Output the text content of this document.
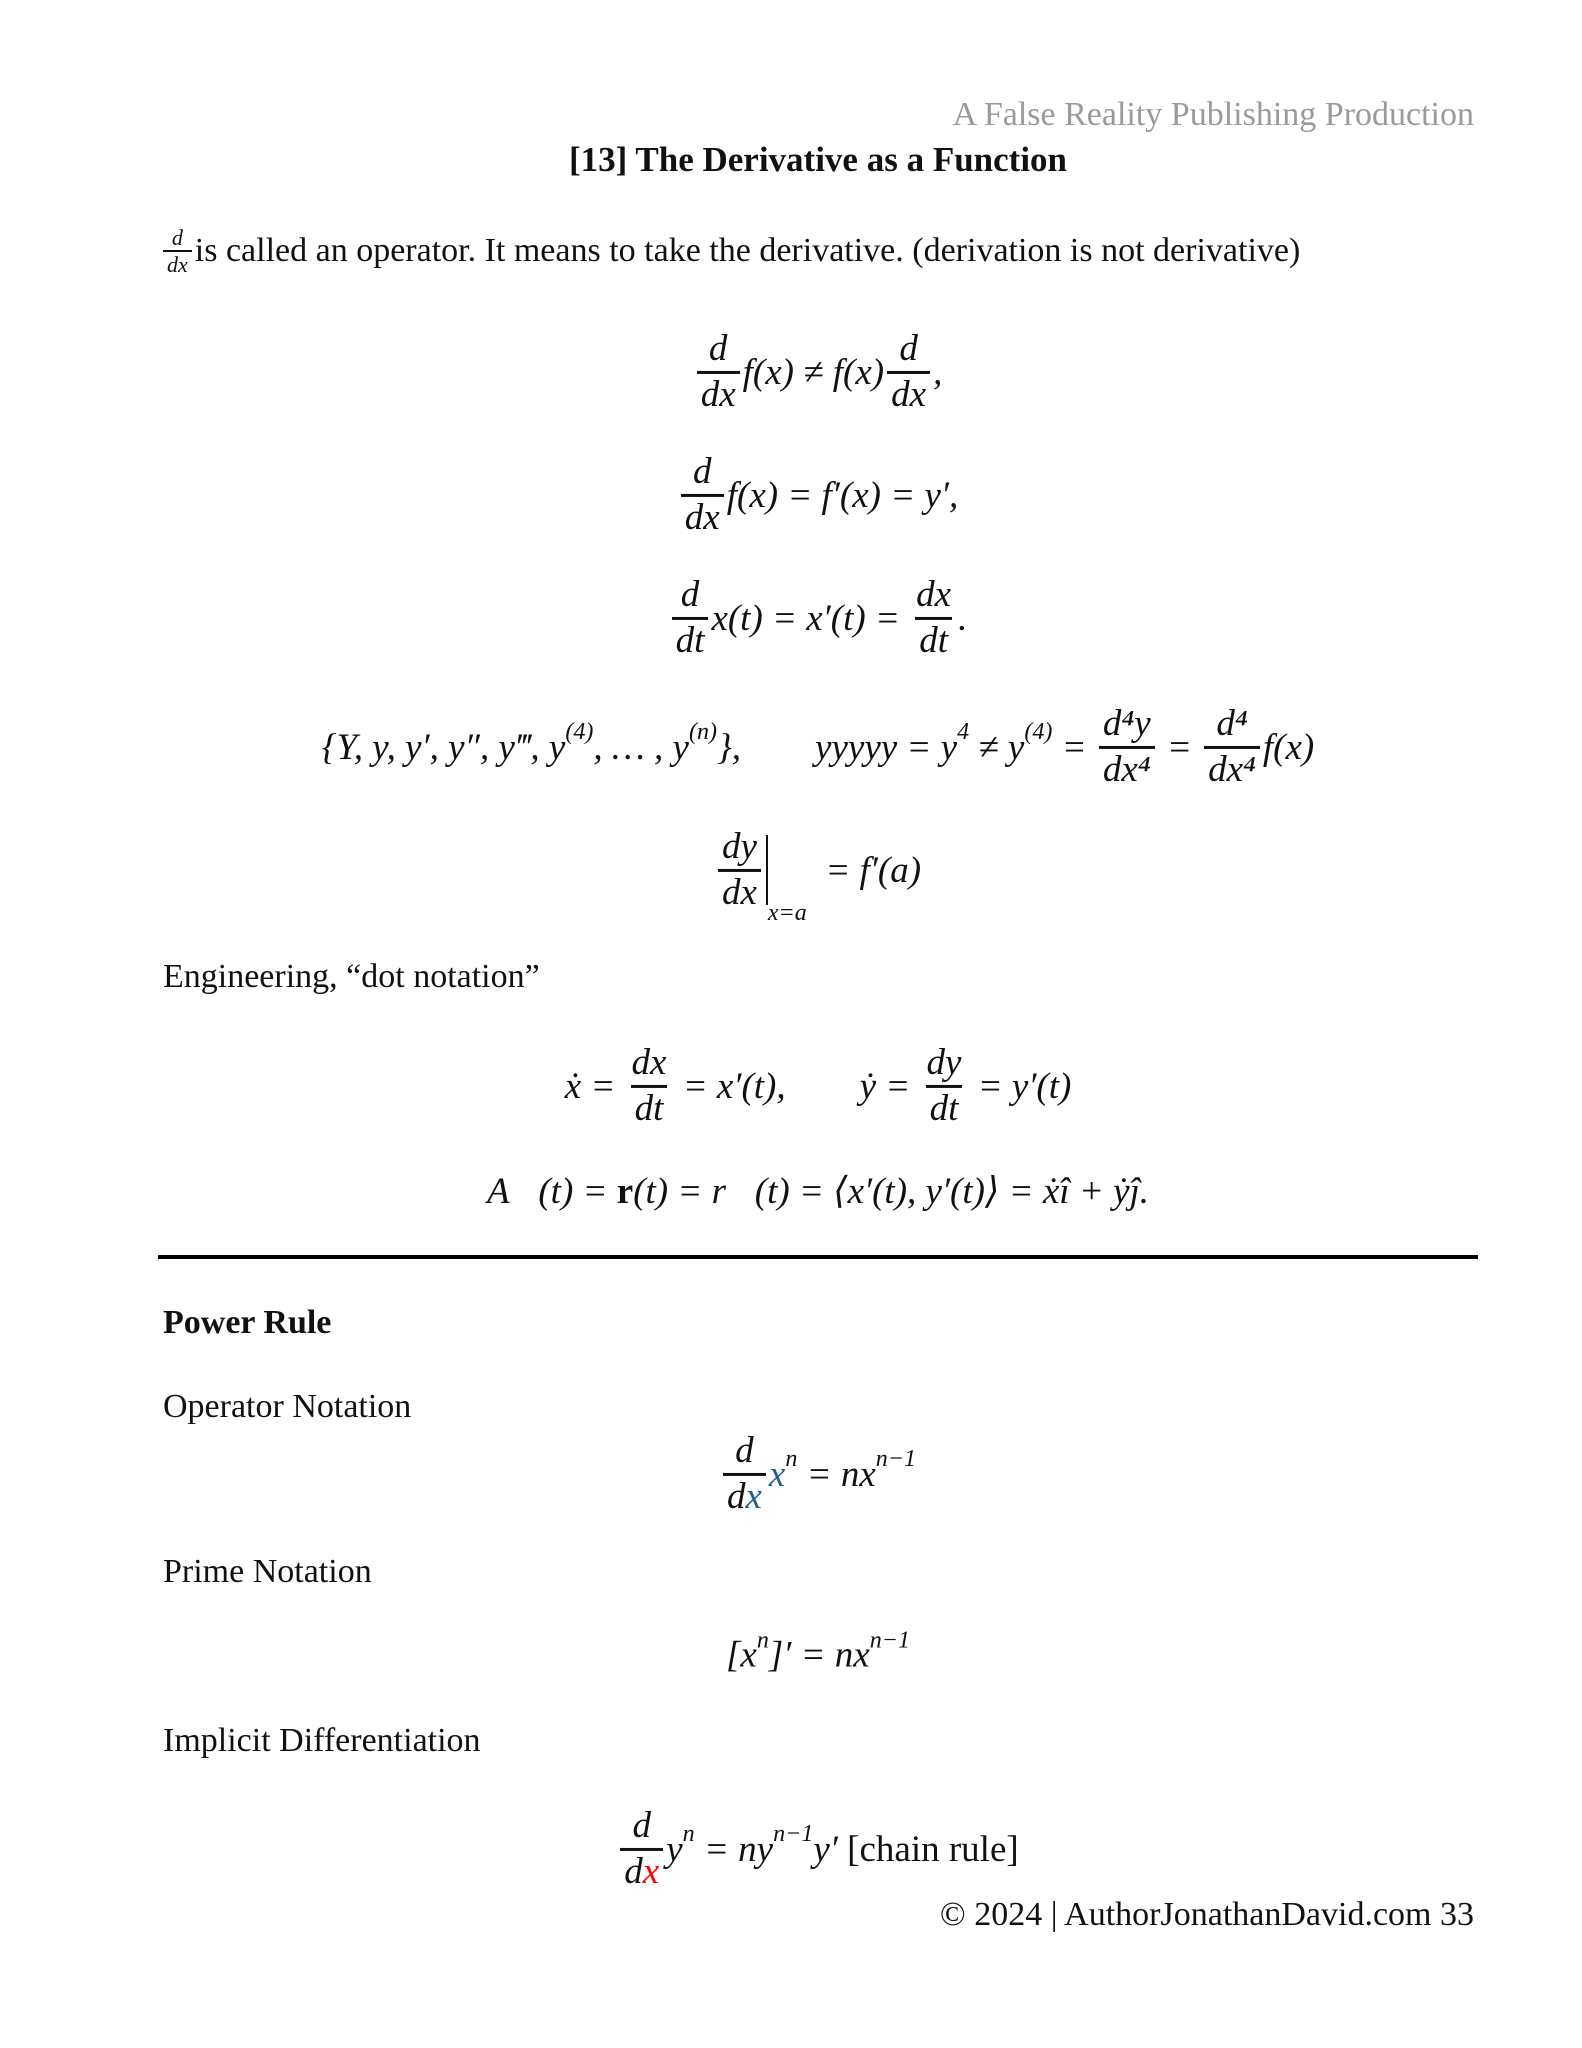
A False Reality Publishing Production
[13] The Derivative as a Function
$\frac{d}{dx}$ is called an operator. It means to take the derivative. (derivation is not derivative)
$\frac{d}{dx} f(x) \ne f(x) \frac{d}{dx}$ ,
$\frac{d}{dx} f(x) = f'(x) = y'$,
$\frac{d}{dt} x(t) = x'(t) = \frac{dx}{dt}$ .
{Y, y, y′, y″, y‴, y (4) , … , y (n) },        yyyyy = y 4 ≠ y $(4) = \frac{\text{d⁴y}}{\text{dx⁴}} = \frac{\text{d⁴}}{\text{dx⁴}} f(x)$
$\frac{dy}{dx} x=a$
= f′(a)
ẋ = $\frac{dx}{dt} = x'(t)$,        ẏ = $\frac{dy}{dt} = y'(t)$
A⃗(t) = r (t) = r⃗(t) = ⟨x′(t), y′(t)⟩ = ẋî + ẏĵ.
$\frac{d}{dx}$ x n = nx n−1
[x n ]′ = nx n−1
$\frac{d}{dx}$ y n = ny n−1 y′ [chain rule]
Engineering, “dot notation”
Power Rule
Operator Notation
Prime Notation
Implicit Differentiation
© 2024 | AuthorJonathanDavid.com 33
